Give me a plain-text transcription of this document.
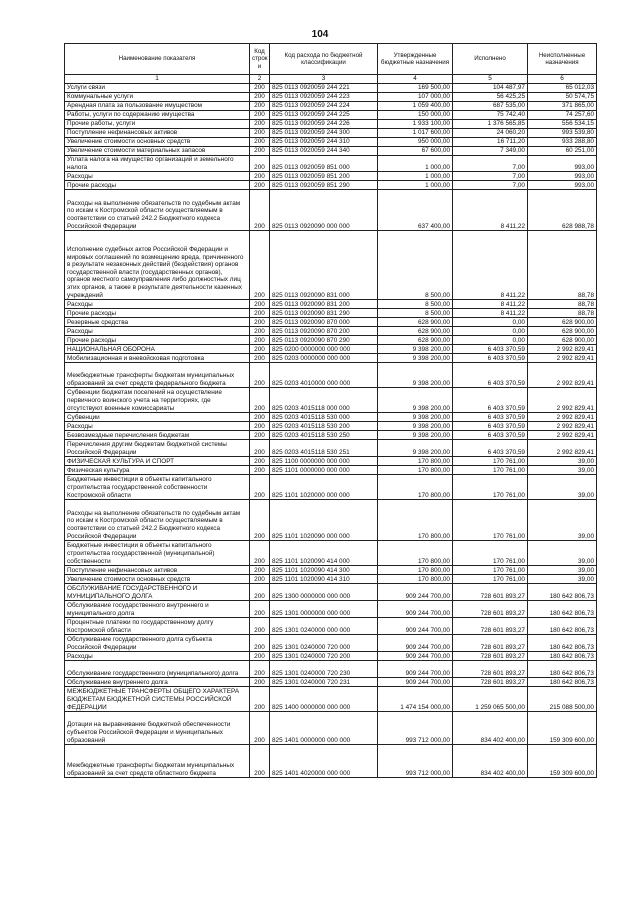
104
Наименование показателя	Код строк и	Код расхода по бюджетной классификации	Утвержденные бюджетные назначения	Исполнено	Неисполненные назначения
1	2	3	4	5	6
Услуги связи	200	825 0113 0920059 244 221	169 500,00	104 487,97	65 012,03
Коммунальные услуги	200	825 0113 0920059 244 223	107 000,00	56 425,25	50 574,75
Арендная плата за пользование имуществом	200	825 0113 0920059 244 224	1 059 400,00	687 535,00	371 865,00
Работы, услуги по содержанию имущества	200	825 0113 0920059 244 225	150 000,00	75 742,40	74 257,60
Прочие работы, услуги	200	825 0113 0920059 244 226	1 933 100,00	1 376 565,85	556 534,15
Поступление нефинансовых активов	200	825 0113 0920059 244 300	1 017 600,00	24 060,20	993 539,80
Увеличение стоимости основных средств	200	825 0113 0920059 244 310	950 000,00	16 711,20	933 288,80
Увеличение стоимости материальных запасов	200	825 0113 0920059 244 340	67 600,00	7 349,00	60 251,00
Уплата налога на имущество организаций и земельного налога	200	825 0113 0920059 851 000	1 000,00	7,00	993,00
Расходы	200	825 0113 0920059 851 200	1 000,00	7,00	993,00
Прочие расходы	200	825 0113 0920059 851 290	1 000,00	7,00	993,00
Расходы на выполнение обязательств по судебным актам по искам к Костромской области осуществляемым в соответствии со статьей 242.2 Бюджетного кодекса Российской Федерации	200	825 0113 0920090 000 000	637 400,00	8 411,22	628 988,78
Исполнение судебных актов Российской Федерации и мировых соглашений по возмещению вреда, причиненного в результате незаконных действий (бездействия) органов государственной власти (государственных органов), органов местного самоуправления либо должностных лиц этих органов, а также в результате деятельности казенных учреждений	200	825 0113 0920090 831 000	8 500,00	8 411,22	88,78
Расходы	200	825 0113 0920090 831 200	8 500,00	8 411,22	88,78
Прочие расходы	200	825 0113 0920090 831 290	8 500,00	8 411,22	88,78
Резервные средства	200	825 0113 0920090 870 000	628 900,00	0,00	628 900,00
Расходы	200	825 0113 0920090 870 200	628 900,00	0,00	628 900,00
Прочие расходы	200	825 0113 0920090 870 290	628 900,00	0,00	628 900,00
НАЦИОНАЛЬНАЯ ОБОРОНА	200	825 0200 0000000 000 000	9 398 200,00	6 403 370,59	2 992 829,41
Мобилизационная и вневойсковая подготовка	200	825 0203 0000000 000 000	9 398 200,00	6 403 370,59	2 992 829,41
Межбюджетные трансферты бюджетам муниципальных образований за счет средств федерального бюджета	200	825 0203 4010000 000 000	9 398 200,00	6 403 370,59	2 992 829,41
Субвенции бюджетам поселений на осуществление первичного воинского учета на территориях, где отсутствуют военные комиссариаты	200	825 0203 4015118 000 000	9 398 200,00	6 403 370,59	2 992 829,41
Субвенции	200	825 0203 4015118 530 000	9 398 200,00	6 403 370,59	2 992 829,41
Расходы	200	825 0203 4015118 530 200	9 398 200,00	6 403 370,59	2 992 829,41
Безвозмездные перечисления бюджетам	200	825 0203 4015118 530 250	9 398 200,00	6 403 370,59	2 992 829,41
Перечисления другим бюджетам бюджетной системы Российской Федерации	200	825 0203 4015118 530 251	9 398 200,00	6 403 370,59	2 992 829,41
ФИЗИЧЕСКАЯ КУЛЬТУРА И СПОРТ	200	825 1100 0000000 000 000	170 800,00	170 761,00	39,00
Физическая культура	200	825 1101 0000000 000 000	170 800,00	170 761,00	39,00
Бюджетные инвестиции в объекты капитального строительства государственной собственности Костромской области	200	825 1101 1020000 000 000	170 800,00	170 761,00	39,00
Расходы на выполнение обязательств по судебным актам по искам к Костромской области осуществляемым в соответствии со статьей 242.2 Бюджетного кодекса Российской Федерации	200	825 1101 1020090 000 000	170 800,00	170 761,00	39,00
Бюджетные инвестиции в объекты капитального строительства государственной (муниципальной) собственности	200	825 1101 1020090 414 000	170 800,00	170 761,00	39,00
Поступление нефинансовых активов	200	825 1101 1020090 414 300	170 800,00	170 761,00	39,00
Увеличение стоимости основных средств	200	825 1101 1020090 414 310	170 800,00	170 761,00	39,00
ОБСЛУЖИВАНИЕ ГОСУДАРСТВЕННОГО И МУНИЦИПАЛЬНОГО ДОЛГА	200	825 1300 0000000 000 000	909 244 700,00	728 601 893,27	180 642 806,73
Обслуживание государственного внутреннего и муниципального долга	200	825 1301 0000000 000 000	909 244 700,00	728 601 893,27	180 642 806,73
Процентные платежи по государственному долгу Костромской области	200	825 1301 0240000 000 000	909 244 700,00	728 601 893,27	180 642 806,73
Обслуживание государственного долга субъекта Российской Федерации	200	825 1301 0240000 720 000	909 244 700,00	728 601 893,27	180 642 806,73
Расходы	200	825 1301 0240000 720 200	909 244 700,00	728 601 893,27	180 642 806,73
Обслуживание государственного (муниципального) долга	200	825 1301 0240000 720 230	909 244 700,00	728 601 893,27	180 642 806,73
Обслуживание внутреннего долга	200	825 1301 0240000 720 231	909 244 700,00	728 601 893,27	180 642 806,73
МЕЖБЮДЖЕТНЫЕ ТРАНСФЕРТЫ ОБЩЕГО ХАРАКТЕРА БЮДЖЕТАМ БЮДЖЕТНОЙ СИСТЕМЫ РОССИЙСКОЙ ФЕДЕРАЦИИ	200	825 1400 0000000 000 000	1 474 154 000,00	1 259 065 500,00	215 088 500,00
Дотации на выравнивание бюджетной обеспеченности субъектов Российской Федерации и муниципальных образований	200	825 1401 0000000 000 000	993 712 000,00	834 402 400,00	159 309 600,00
Межбюджетные трансферты бюджетам муниципальных образований за счет средств областного бюджета	200	825 1401 4020000 000 000	993 712 000,00	834 402 400,00	159 309 600,00
